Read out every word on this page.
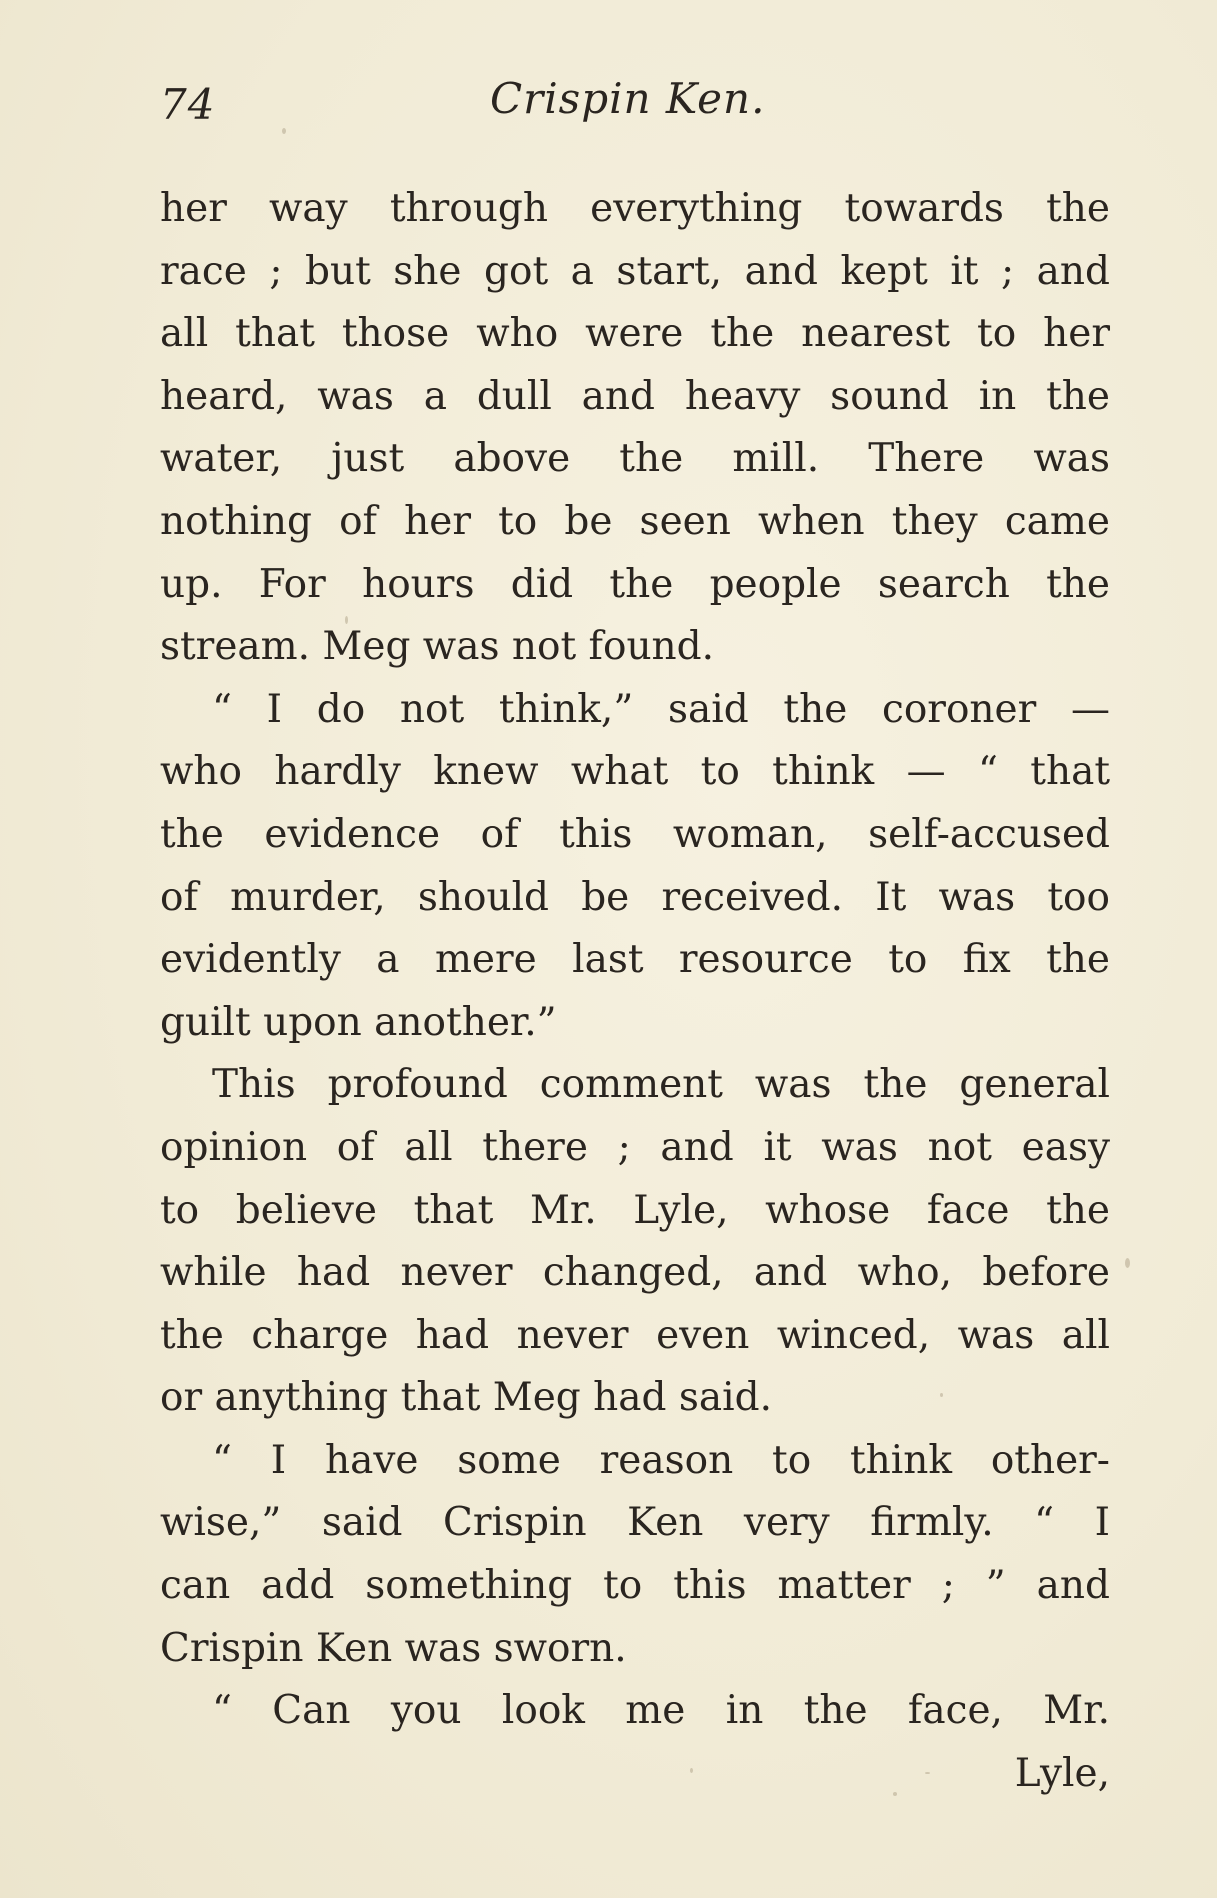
74	Crispin Ken.
her way through everything towards the
race ; but she got a start, and kept it ; and
all that those who were the nearest to her
heard, was a dull and heavy sound in the
water, just above the mill. There was
nothing of her to be seen when they came
up. For hours did the people search the
stream. Meg was not found.
“ I do not think,” said the coroner —
who hardly knew what to think — “ that
the evidence of this woman, self-accused
of murder, should be received. It was too
evidently a mere last resource to fix the
guilt upon another.”
This profound comment was the general
opinion of all there ; and it was not easy
to believe that Mr. Lyle, whose face the
while had never changed, and who, before
the charge had never even winced, was all
or anything that Meg had said.
“ I have some reason to think other-
wise,” said Crispin Ken very firmly. “ I
can add something to this matter ; ” and
Crispin Ken was sworn.
“ Can you look me in the face, Mr.
Lyle,
